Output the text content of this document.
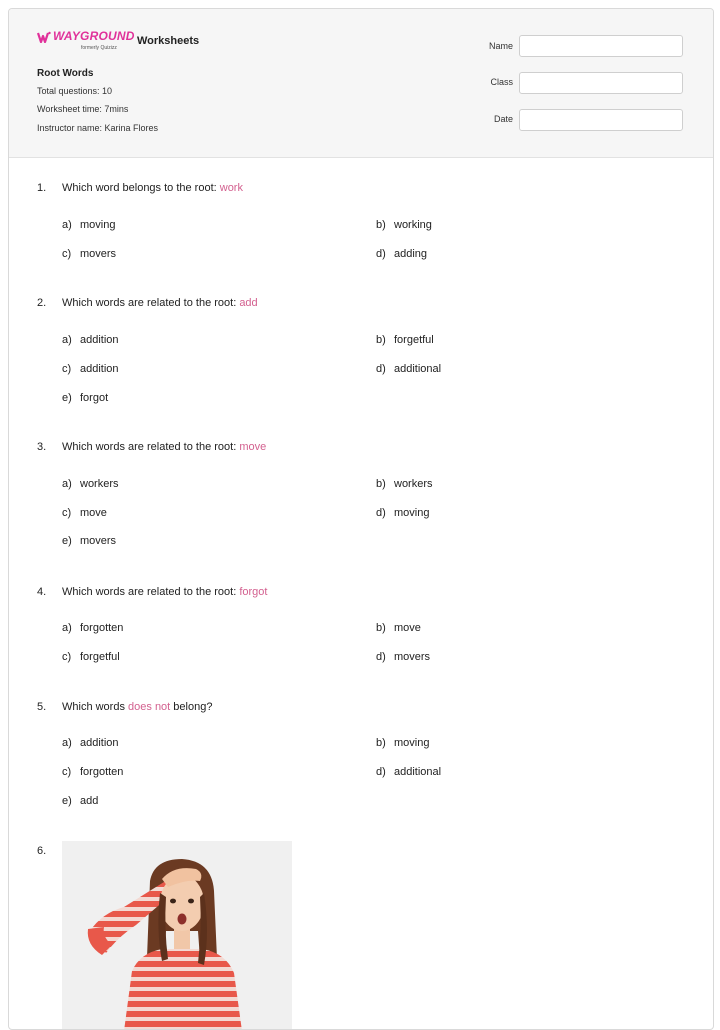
WAYGROUND
formerly Quizizz
Worksheets
Root Words
Total questions: 10
Worksheet time: 7mins
Instructor name: Karina Flores
Name
Class
Date
1. Which word belongs to the root: work
a) moving	b) working
c) movers	d) adding
2. Which words are related to the root: add
a) addition	b) forgetful
c) addition	d) additional
e) forgot
3. Which words are related to the root: move
a) workers	b) workers
c) move	d) moving
e) movers
4. Which words are related to the root: forgot
a) forgotten	b) move
c) forgetful	d) movers
5. Which words does not belong?
a) addition	b) moving
c) forgotten	d) additional
e) add
6.
